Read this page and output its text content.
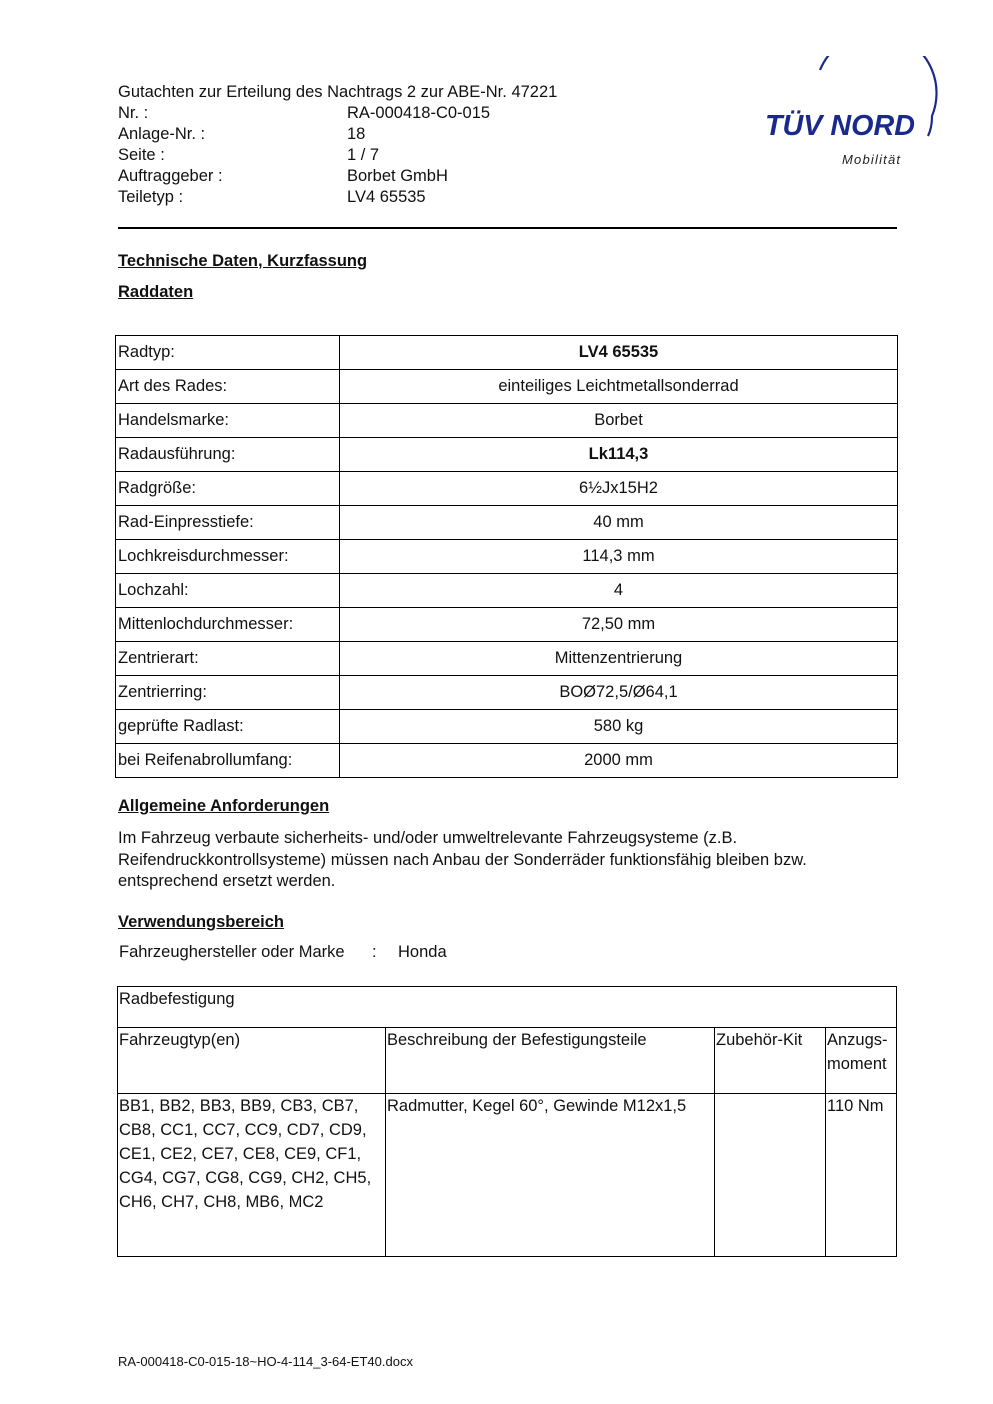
Gutachten zur Erteilung des Nachtrags 2 zur ABE-Nr. 47221
Nr. :	RA-000418-C0-015
Anlage-Nr. :	18
Seite :	1 / 7
Auftraggeber :	Borbet GmbH
Teiletyp :	LV4 65535
TÜV NORD
Mobilität
Technische Daten, Kurzfassung
Raddaten
Radtyp:	LV4 65535
Art des Rades:	einteiliges Leichtmetallsonderrad
Handelsmarke:	Borbet
Radausführung:	Lk114,3
Radgröße:	6½Jx15H2
Rad-Einpresstiefe:	40 mm
Lochkreisdurchmesser:	114,3 mm
Lochzahl:	4
Mittenlochdurchmesser:	72,50 mm
Zentrierart:	Mittenzentrierung
Zentrierring:	BOØ72,5/Ø64,1
geprüfte Radlast:	580 kg
bei Reifenabrollumfang:	2000 mm
Allgemeine Anforderungen
Im Fahrzeug verbaute sicherheits- und/oder umweltrelevante Fahrzeugsysteme (z.B. Reifendruckkontrollsysteme) müssen nach Anbau der Sonderräder funktionsfähig bleiben bzw. entsprechend ersetzt werden.
Verwendungsbereich
Fahrzeughersteller oder Marke	:	Honda
Radbefestigung			
Fahrzeugtyp(en)	Beschreibung der Befestigungsteile	Zubehör-Kit	Anzugs-moment
BB1, BB2, BB3, BB9, CB3, CB7, CB8, CC1, CC7, CC9, CD7, CD9, CE1, CE2, CE7, CE8, CE9, CF1, CG4, CG7, CG8, CG9, CH2, CH5, CH6, CH7, CH8, MB6, MC2	Radmutter, Kegel 60°, Gewinde M12x1,5		110 Nm
RA-000418-C0-015-18~HO-4-114_3-64-ET40.docx
